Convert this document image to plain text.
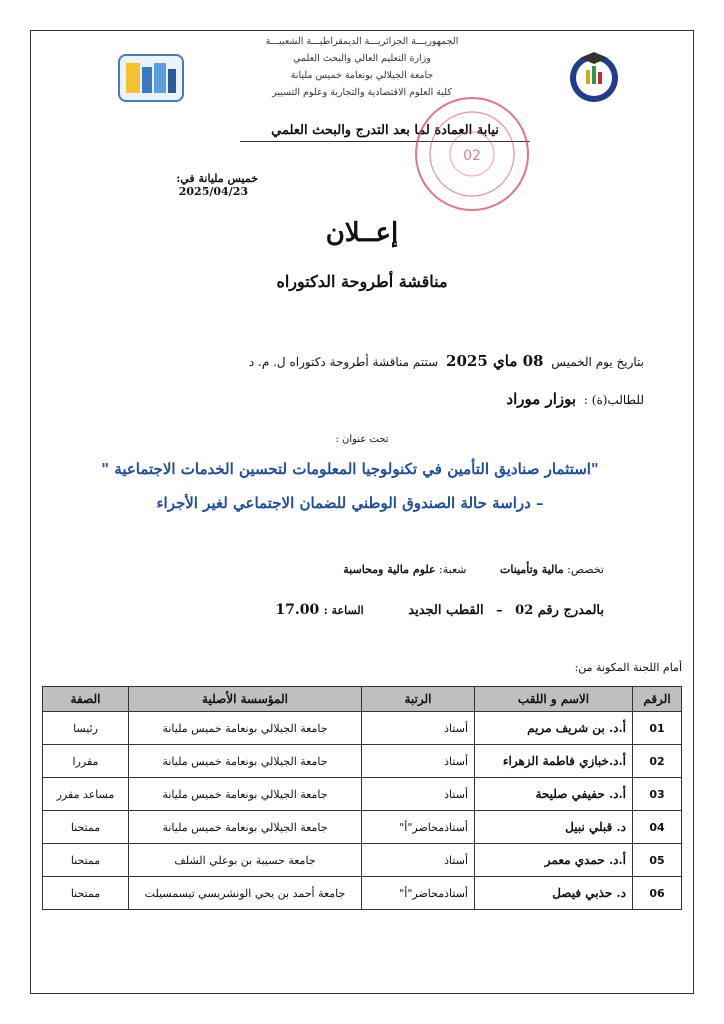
الجمهوريـــة الجزائريـــة الديمقراطيـــة الشعبيـــة
وزارة التعليم العالي والبحث العلمي
جامعة الجيلالي بونعامة خميس مليانة
كلية العلوم الاقتصادية والتجارية وعلوم التسيير
نيابة العمادة لما بعد التدرج والبحث العلمي
02
خميس مليانة في: 2025/04/23
إعــلان
مناقشة أطروحة الدكتوراه
بتاريخ يوم الخميس 08 ماي 2025 ستتم مناقشة أطروحة دكتوراه ل. م. د
للطالب(ة) : بوزار موراد
تحت عنوان :
"استثمار صناديق التأمين في تكنولوجيا المعلومات لتحسين الخدمات الاجتماعية "
– دراسة حالة الصندوق الوطني للضمان الاجتماعي لغير الأجراء
تخصص: مالية وتأمينات شعبة: علوم مالية ومحاسبة
بالمدرج رقم 02 – القطب الجديد الساعة : 17.00
أمام اللجنة المكونة من:
الرقم	الاسم و اللقب	الرتبة	المؤسسة الأصلية	الصفة
01	أ.د. بن شريف مريم	أستاذ	جامعة الجيلالي بونعامة خميس مليانة	رئيسا
02	أ.د.خبازي فاطمة الزهراء	أستاذ	جامعة الجيلالي بونعامة خميس مليانة	مقررا
03	أ.د. حفيفي صليحة	أستاذ	جامعة الجيلالي بونعامة خميس مليانة	مساعد مقرر
04	د. قبلي نبيل	أستاذمحاضر"أ"	جامعة الجيلالي بونعامة خميس مليانة	ممتحنا
05	أ.د. حمدي معمر	أستاذ	جامعة حسيبة بن بوعلي الشلف	ممتحنا
06	د. حذبي فيصل	أستاذمحاضر"أ"	جامعة أحمد بن يحي الونشريسي تيسمسيلت	ممتحنا
